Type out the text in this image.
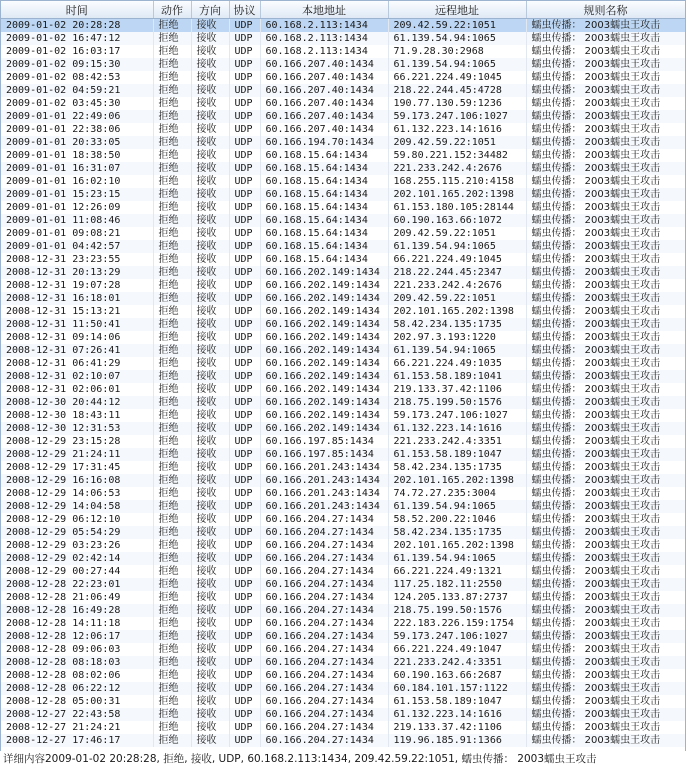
时间	动作	方向	协议	本地地址	远程地址	规则名称
2009-01-02 20:28:28	拒绝	接收	UDP	60.168.2.113:1434	209.42.59.22:1051	蠕虫传播： 2003蠕虫王攻击
2009-01-02 16:47:12	拒绝	接收	UDP	60.168.2.113:1434	61.139.54.94:1065	蠕虫传播： 2003蠕虫王攻击
2009-01-02 16:03:17	拒绝	接收	UDP	60.168.2.113:1434	71.9.28.30:2968	蠕虫传播： 2003蠕虫王攻击
2009-01-02 09:15:30	拒绝	接收	UDP	60.166.207.40:1434	61.139.54.94:1065	蠕虫传播： 2003蠕虫王攻击
2009-01-02 08:42:53	拒绝	接收	UDP	60.166.207.40:1434	66.221.224.49:1045	蠕虫传播： 2003蠕虫王攻击
2009-01-02 04:59:21	拒绝	接收	UDP	60.166.207.40:1434	218.22.244.45:4728	蠕虫传播： 2003蠕虫王攻击
2009-01-02 03:45:30	拒绝	接收	UDP	60.166.207.40:1434	190.77.130.59:1236	蠕虫传播： 2003蠕虫王攻击
2009-01-01 22:49:06	拒绝	接收	UDP	60.166.207.40:1434	59.173.247.106:1027	蠕虫传播： 2003蠕虫王攻击
2009-01-01 22:38:06	拒绝	接收	UDP	60.166.207.40:1434	61.132.223.14:1616	蠕虫传播： 2003蠕虫王攻击
2009-01-01 20:33:05	拒绝	接收	UDP	60.166.194.70:1434	209.42.59.22:1051	蠕虫传播： 2003蠕虫王攻击
2009-01-01 18:38:50	拒绝	接收	UDP	60.168.15.64:1434	59.80.221.152:34482	蠕虫传播： 2003蠕虫王攻击
2009-01-01 16:31:07	拒绝	接收	UDP	60.168.15.64:1434	221.233.242.4:2676	蠕虫传播： 2003蠕虫王攻击
2009-01-01 16:02:10	拒绝	接收	UDP	60.168.15.64:1434	168.255.115.210:4158	蠕虫传播： 2003蠕虫王攻击
2009-01-01 15:23:15	拒绝	接收	UDP	60.168.15.64:1434	202.101.165.202:1398	蠕虫传播： 2003蠕虫王攻击
2009-01-01 12:26:09	拒绝	接收	UDP	60.168.15.64:1434	61.153.180.105:28144	蠕虫传播： 2003蠕虫王攻击
2009-01-01 11:08:46	拒绝	接收	UDP	60.168.15.64:1434	60.190.163.66:1072	蠕虫传播： 2003蠕虫王攻击
2009-01-01 09:08:21	拒绝	接收	UDP	60.168.15.64:1434	209.42.59.22:1051	蠕虫传播： 2003蠕虫王攻击
2009-01-01 04:42:57	拒绝	接收	UDP	60.168.15.64:1434	61.139.54.94:1065	蠕虫传播： 2003蠕虫王攻击
2008-12-31 23:23:55	拒绝	接收	UDP	60.168.15.64:1434	66.221.224.49:1045	蠕虫传播： 2003蠕虫王攻击
2008-12-31 20:13:29	拒绝	接收	UDP	60.166.202.149:1434	218.22.244.45:2347	蠕虫传播： 2003蠕虫王攻击
2008-12-31 19:07:28	拒绝	接收	UDP	60.166.202.149:1434	221.233.242.4:2676	蠕虫传播： 2003蠕虫王攻击
2008-12-31 16:18:01	拒绝	接收	UDP	60.166.202.149:1434	209.42.59.22:1051	蠕虫传播： 2003蠕虫王攻击
2008-12-31 15:13:21	拒绝	接收	UDP	60.166.202.149:1434	202.101.165.202:1398	蠕虫传播： 2003蠕虫王攻击
2008-12-31 11:50:41	拒绝	接收	UDP	60.166.202.149:1434	58.42.234.135:1735	蠕虫传播： 2003蠕虫王攻击
2008-12-31 09:14:06	拒绝	接收	UDP	60.166.202.149:1434	202.97.3.193:1220	蠕虫传播： 2003蠕虫王攻击
2008-12-31 07:26:41	拒绝	接收	UDP	60.166.202.149:1434	61.139.54.94:1065	蠕虫传播： 2003蠕虫王攻击
2008-12-31 06:41:29	拒绝	接收	UDP	60.166.202.149:1434	66.221.224.49:1035	蠕虫传播： 2003蠕虫王攻击
2008-12-31 02:10:07	拒绝	接收	UDP	60.166.202.149:1434	61.153.58.189:1041	蠕虫传播： 2003蠕虫王攻击
2008-12-31 02:06:01	拒绝	接收	UDP	60.166.202.149:1434	219.133.37.42:1106	蠕虫传播： 2003蠕虫王攻击
2008-12-30 20:44:12	拒绝	接收	UDP	60.166.202.149:1434	218.75.199.50:1576	蠕虫传播： 2003蠕虫王攻击
2008-12-30 18:43:11	拒绝	接收	UDP	60.166.202.149:1434	59.173.247.106:1027	蠕虫传播： 2003蠕虫王攻击
2008-12-30 12:31:53	拒绝	接收	UDP	60.166.202.149:1434	61.132.223.14:1616	蠕虫传播： 2003蠕虫王攻击
2008-12-29 23:15:28	拒绝	接收	UDP	60.166.197.85:1434	221.233.242.4:3351	蠕虫传播： 2003蠕虫王攻击
2008-12-29 21:24:11	拒绝	接收	UDP	60.166.197.85:1434	61.153.58.189:1047	蠕虫传播： 2003蠕虫王攻击
2008-12-29 17:31:45	拒绝	接收	UDP	60.166.201.243:1434	58.42.234.135:1735	蠕虫传播： 2003蠕虫王攻击
2008-12-29 16:16:08	拒绝	接收	UDP	60.166.201.243:1434	202.101.165.202:1398	蠕虫传播： 2003蠕虫王攻击
2008-12-29 14:06:53	拒绝	接收	UDP	60.166.201.243:1434	74.72.27.235:3004	蠕虫传播： 2003蠕虫王攻击
2008-12-29 14:04:58	拒绝	接收	UDP	60.166.201.243:1434	61.139.54.94:1065	蠕虫传播： 2003蠕虫王攻击
2008-12-29 06:12:10	拒绝	接收	UDP	60.166.204.27:1434	58.52.200.22:1046	蠕虫传播： 2003蠕虫王攻击
2008-12-29 05:54:29	拒绝	接收	UDP	60.166.204.27:1434	58.42.234.135:1735	蠕虫传播： 2003蠕虫王攻击
2008-12-29 03:23:26	拒绝	接收	UDP	60.166.204.27:1434	202.101.165.202:1398	蠕虫传播： 2003蠕虫王攻击
2008-12-29 02:42:14	拒绝	接收	UDP	60.166.204.27:1434	61.139.54.94:1065	蠕虫传播： 2003蠕虫王攻击
2008-12-29 00:27:44	拒绝	接收	UDP	60.166.204.27:1434	66.221.224.49:1321	蠕虫传播： 2003蠕虫王攻击
2008-12-28 22:23:01	拒绝	接收	UDP	60.166.204.27:1434	117.25.182.11:2550	蠕虫传播： 2003蠕虫王攻击
2008-12-28 21:06:49	拒绝	接收	UDP	60.166.204.27:1434	124.205.133.87:2737	蠕虫传播： 2003蠕虫王攻击
2008-12-28 16:49:28	拒绝	接收	UDP	60.166.204.27:1434	218.75.199.50:1576	蠕虫传播： 2003蠕虫王攻击
2008-12-28 14:11:18	拒绝	接收	UDP	60.166.204.27:1434	222.183.226.159:1754	蠕虫传播： 2003蠕虫王攻击
2008-12-28 12:06:17	拒绝	接收	UDP	60.166.204.27:1434	59.173.247.106:1027	蠕虫传播： 2003蠕虫王攻击
2008-12-28 09:06:03	拒绝	接收	UDP	60.166.204.27:1434	66.221.224.49:1047	蠕虫传播： 2003蠕虫王攻击
2008-12-28 08:18:03	拒绝	接收	UDP	60.166.204.27:1434	221.233.242.4:3351	蠕虫传播： 2003蠕虫王攻击
2008-12-28 08:02:06	拒绝	接收	UDP	60.166.204.27:1434	60.190.163.66:2687	蠕虫传播： 2003蠕虫王攻击
2008-12-28 06:22:12	拒绝	接收	UDP	60.166.204.27:1434	60.184.101.157:1122	蠕虫传播： 2003蠕虫王攻击
2008-12-28 05:00:31	拒绝	接收	UDP	60.166.204.27:1434	61.153.58.189:1047	蠕虫传播： 2003蠕虫王攻击
2008-12-27 22:43:58	拒绝	接收	UDP	60.166.204.27:1434	61.132.223.14:1616	蠕虫传播： 2003蠕虫王攻击
2008-12-27 21:24:21	拒绝	接收	UDP	60.166.204.27:1434	219.133.37.42:1106	蠕虫传播： 2003蠕虫王攻击
2008-12-27 17:46:17	拒绝	接收	UDP	60.166.204.27:1434	119.96.185.91:1366	蠕虫传播： 2003蠕虫王攻击
详细内容2009-01-02 20:28:28, 拒绝, 接收, UDP, 60.168.2.113:1434, 209.42.59.22:1051, 蠕虫传播： 2003蠕虫王攻击
